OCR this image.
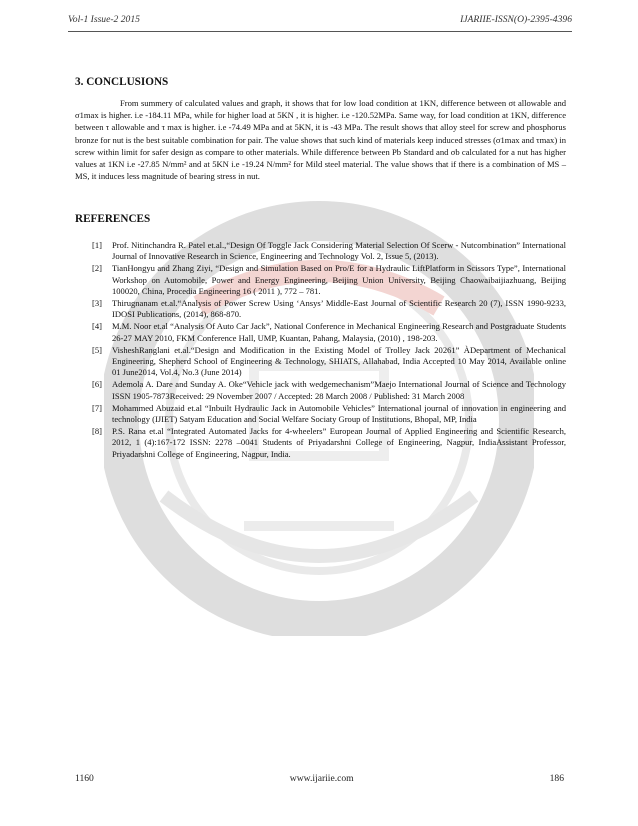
Vol-1 Issue-2 2015	IJARIIE-ISSN(O)-2395-4396
3. CONCLUSIONS

From summery of calculated values and graph, it shows that for low load condition at 1KN, difference between σt allowable and σ1max is higher. i.e -184.11 MPa, while for higher load at 5KN , it is higher. i.e -120.52MPa. Same way, for load condition at 1KN, difference between τ allowable and τ max is higher. i.e -74.49 MPa and at 5KN, it is -43 MPa. The result shows that alloy steel for screw and phosphorus bronze for nut is the best suitable combination for pair. The value shows that such kind of materials keep induced stresses (σ1max and τmax) in screw within limit for safer design as compare to other materials. While difference between Pb Standard and σb calculated for a nut has higher values at 1KN i.e -27.85 N/mm² and at 5KN i.e -19.24 N/mm² for Mild steel material. The value shows that if there is a combination of MS – MS, it induces less magnitude of bearing stress in nut.

REFERENCES
[1]	Prof. Nitinchandra R. Patel et.al.,“Design Of Toggle Jack Considering Material Selection Of Scerw - Nutcombination” International Journal of Innovative Research in Science, Engineering and Technology Vol. 2, Issue 5, (2013).
[2]	TianHongyu and Zhang Ziyi, “Design and Simulation Based on Pro/E for a Hydraulic LiftPlatform in Scissors Type”, International Workshop on Automobile, Power and Energy Engineering, Beijing Union University, Beijing Chaowaibaijiazhuang, Beijing 100020, China, Procedia Engineering 16 ( 2011 ), 772 – 781.
[3]	Thirugnanam et.al.“Analysis of Power Screw Using ‘Ansys’ Middle-East Journal of Scientific Research 20 (7), ISSN 1990-9233, IDOSI Publications, (2014), 868-870.
[4]	M.M. Noor et.al “Analysis Of Auto Car Jack”, National Conference in Mechanical Engineering Research and Postgraduate Students 26-27 MAY 2010, FKM Conference Hall, UMP, Kuantan, Pahang, Malaysia, (2010) , 198-203.
[5]	VisheshRanglani et.al.“Design and Modification in the Existing Model of Trolley Jack 20261” ÀDepartment of Mechanical Engineering, Shepherd School of Engineering & Technology, SHIATS, Allahabad, India Accepted 10 May 2014, Available online 01 June2014, Vol.4, No.3 (June 2014)
[6]	Ademola A. Dare and Sunday A. Oke“Vehicle jack with wedgemechanism”Maejo International Journal of Science and Technology ISSN 1905-7873Received: 29 November 2007 / Accepted: 28 March 2008 / Published: 31 March 2008
[7]	Mohammed Abuzaid et.al “Inbuilt Hydraulic Jack in Automobile Vehicles” International journal of innovation in engineering and technology (IJIET) Satyam Education and Social Welfare Sociaty Group of Institutions, Bhopal, MP, India
[8]	P.S. Rana et.al “Integrated Automated Jacks for 4-wheelers” European Journal of Applied Engineering and Scientific Research, 2012, 1 (4):167-172 ISSN: 2278 –0041 Students of Priyadarshni College of Engineering, Nagpur, IndiaAssistant Professor, Priyadarshni College of Engineering, Nagpur, India.
1160	www.ijariie.com	186
